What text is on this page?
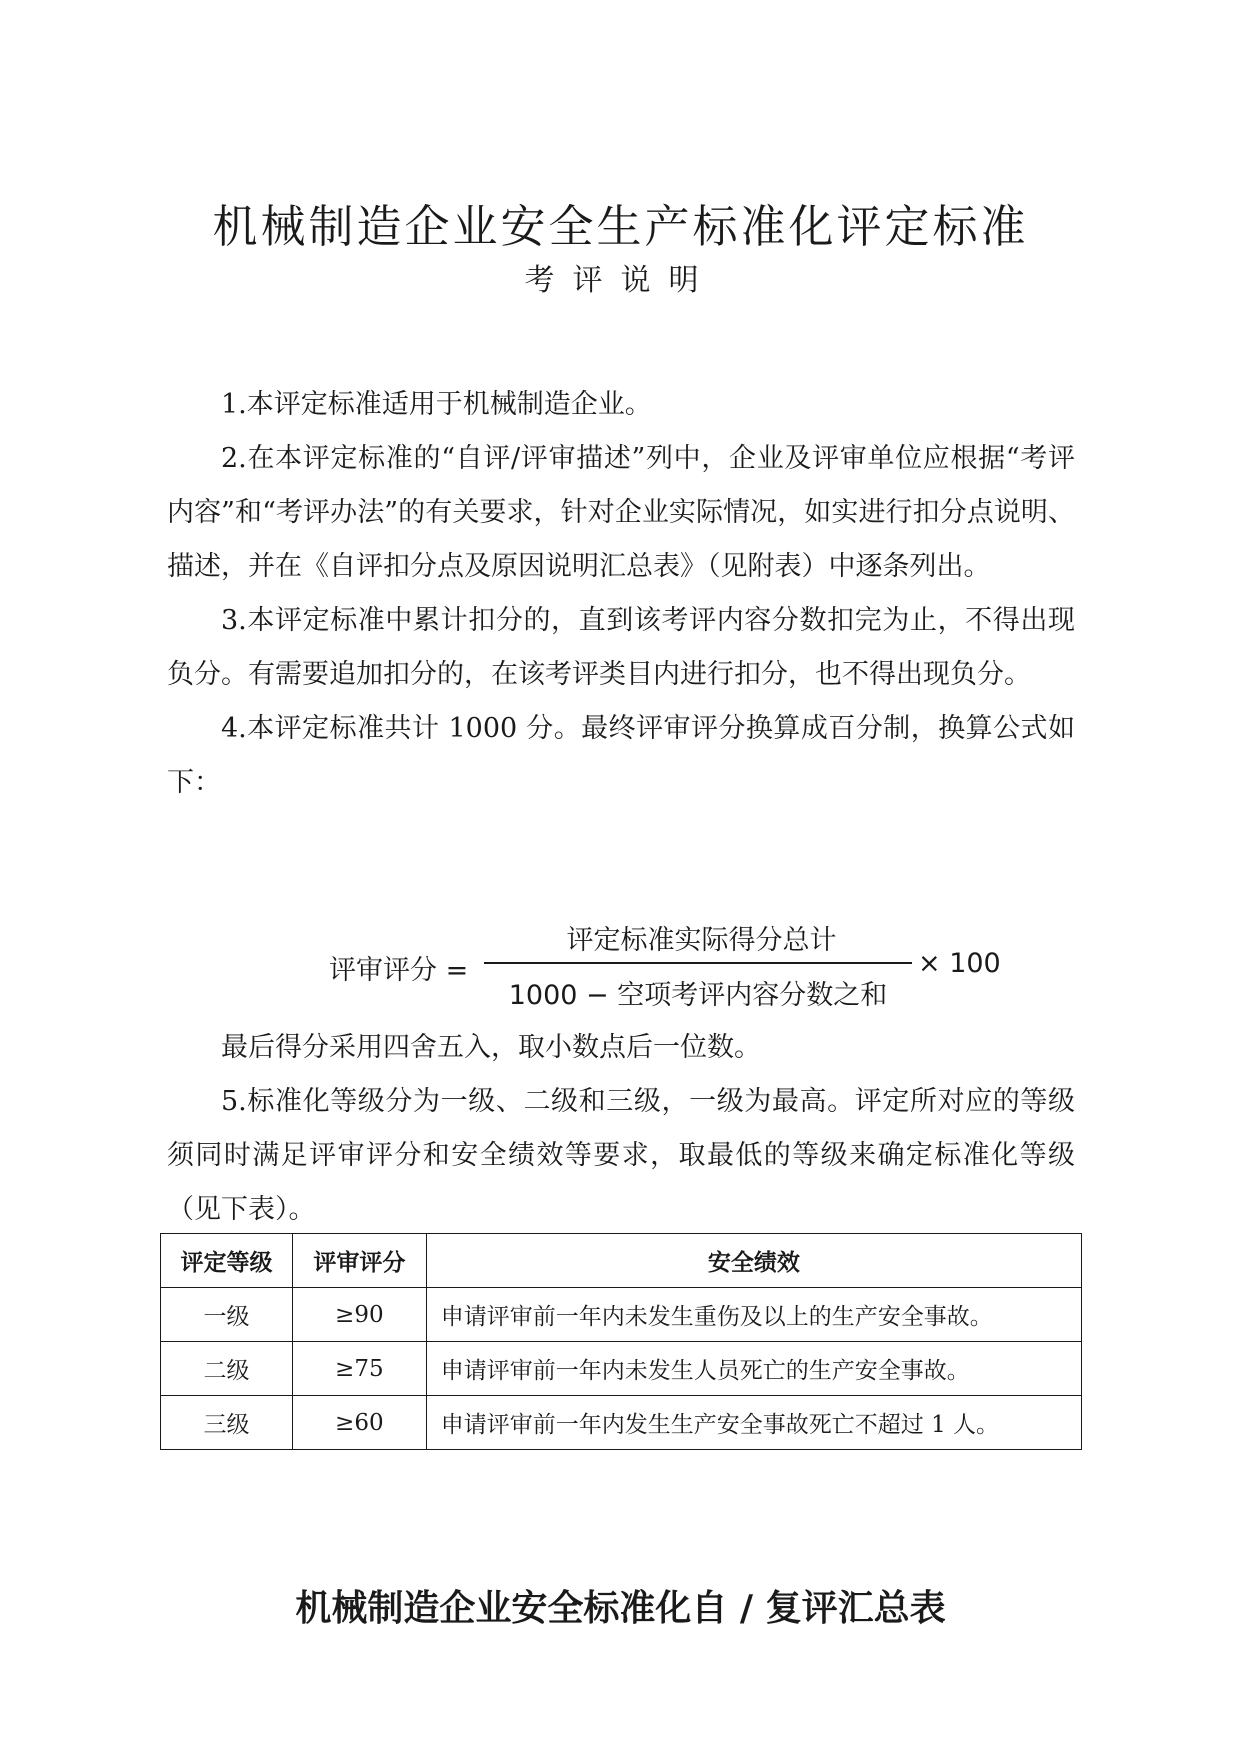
机械制造企业安全生产标准化评定标准
考评说明

1.本评定标准适用于机械制造企业。

2.在本评定标准的“自评/评审描述”列中，企业及评审单位应根据“考评内容”和“考评办法”的有关要求，针对企业实际情况，如实进行扣分点说明、描述，并在《自评扣分点及原因说明汇总表》（见附表）中逐条列出。

3.本评定标准中累计扣分的，直到该考评内容分数扣完为止，不得出现负分。有需要追加扣分的，在该考评类目内进行扣分，也不得出现负分。

4.本评定标准共计 1000 分。最终评审评分换算成百分制，换算公式如下：

评审评分 =
评定标准实际得分总计
1000 − 空项考评内容分数之和
× 100

最后得分采用四舍五入，取小数点后一位数。

5.标准化等级分为一级、二级和三级，一级为最高。评定所对应的等级须同时满足评审评分和安全绩效等要求，取最低的等级来确定标准化等级（见下表）。

评定等级	评审评分	安全绩效
一级	≥90	申请评审前一年内未发生重伤及以上的生产安全事故。
二级	≥75	申请评审前一年内未发生人员死亡的生产安全事故。
三级	≥60	申请评审前一年内发生生产安全事故死亡不超过 1 人。
机械制造企业安全标准化自 / 复评汇总表
